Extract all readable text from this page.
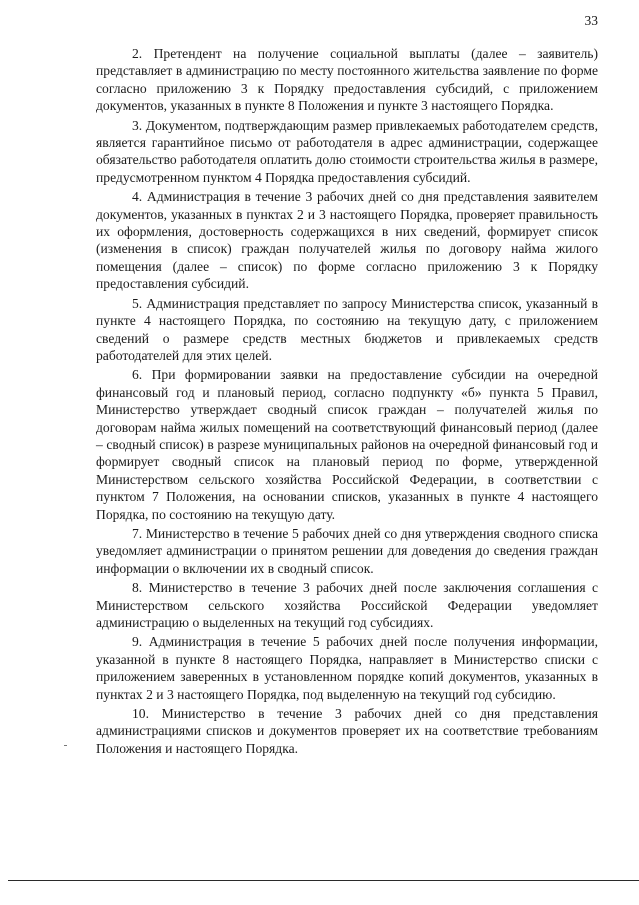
33

2. Претендент на получение социальной выплаты (далее – заявитель) представляет в администрацию по месту постоянного жительства заявление по форме согласно приложению 3 к Порядку предоставления субсидий, с приложением документов, указанных в пункте 8 Положения и пункте 3 настоящего Порядка.

3. Документом, подтверждающим размер привлекаемых работодателем средств, является гарантийное письмо от работодателя в адрес администрации, содержащее обязательство работодателя оплатить долю стоимости строительства жилья в размере, предусмотренном пунктом 4 Порядка предоставления субсидий.

4. Администрация в течение 3 рабочих дней со дня представления заявителем документов, указанных в пунктах 2 и 3 настоящего Порядка, проверяет правильность их оформления, достоверность содержащихся в них сведений, формирует список (изменения в список) граждан получателей жилья по договору найма жилого помещения (далее – список) по форме согласно приложению 3 к Порядку предоставления субсидий.

5. Администрация представляет по запросу Министерства список, указанный в пункте 4 настоящего Порядка, по состоянию на текущую дату, с приложением сведений о размере средств местных бюджетов и привлекаемых средств работодателей для этих целей.

6. При формировании заявки на предоставление субсидии на очередной финансовый год и плановый период, согласно подпункту «б» пункта 5 Правил, Министерство утверждает сводный список граждан – получателей жилья по договорам найма жилых помещений на соответствующий финансовый период (далее – сводный список) в разрезе муниципальных районов на очередной финансовый год и формирует сводный список на плановый период по форме, утвержденной Министерством сельского хозяйства Российской Федерации, в соответствии с пунктом 7 Положения, на основании списков, указанных в пункте 4 настоящего Порядка, по состоянию на текущую дату.

7. Министерство в течение 5 рабочих дней со дня утверждения сводного списка уведомляет администрации о принятом решении для доведения до сведения граждан информации о включении их в сводный список.

8. Министерство в течение 3 рабочих дней после заключения соглашения с Министерством сельского хозяйства Российской Федерации уведомляет администрацию о выделенных на текущий год субсидиях.

9. Администрация в течение 5 рабочих дней после получения информации, указанной в пункте 8 настоящего Порядка, направляет в Министерство списки с приложением заверенных в установленном порядке копий документов, указанных в пунктах 2 и 3 настоящего Порядка, под выделенную на текущий год субсидию.

10. Министерство в течение 3 рабочих дней со дня представления администрациями списков и документов проверяет их на соответствие требованиям Положения и настоящего Порядка.
